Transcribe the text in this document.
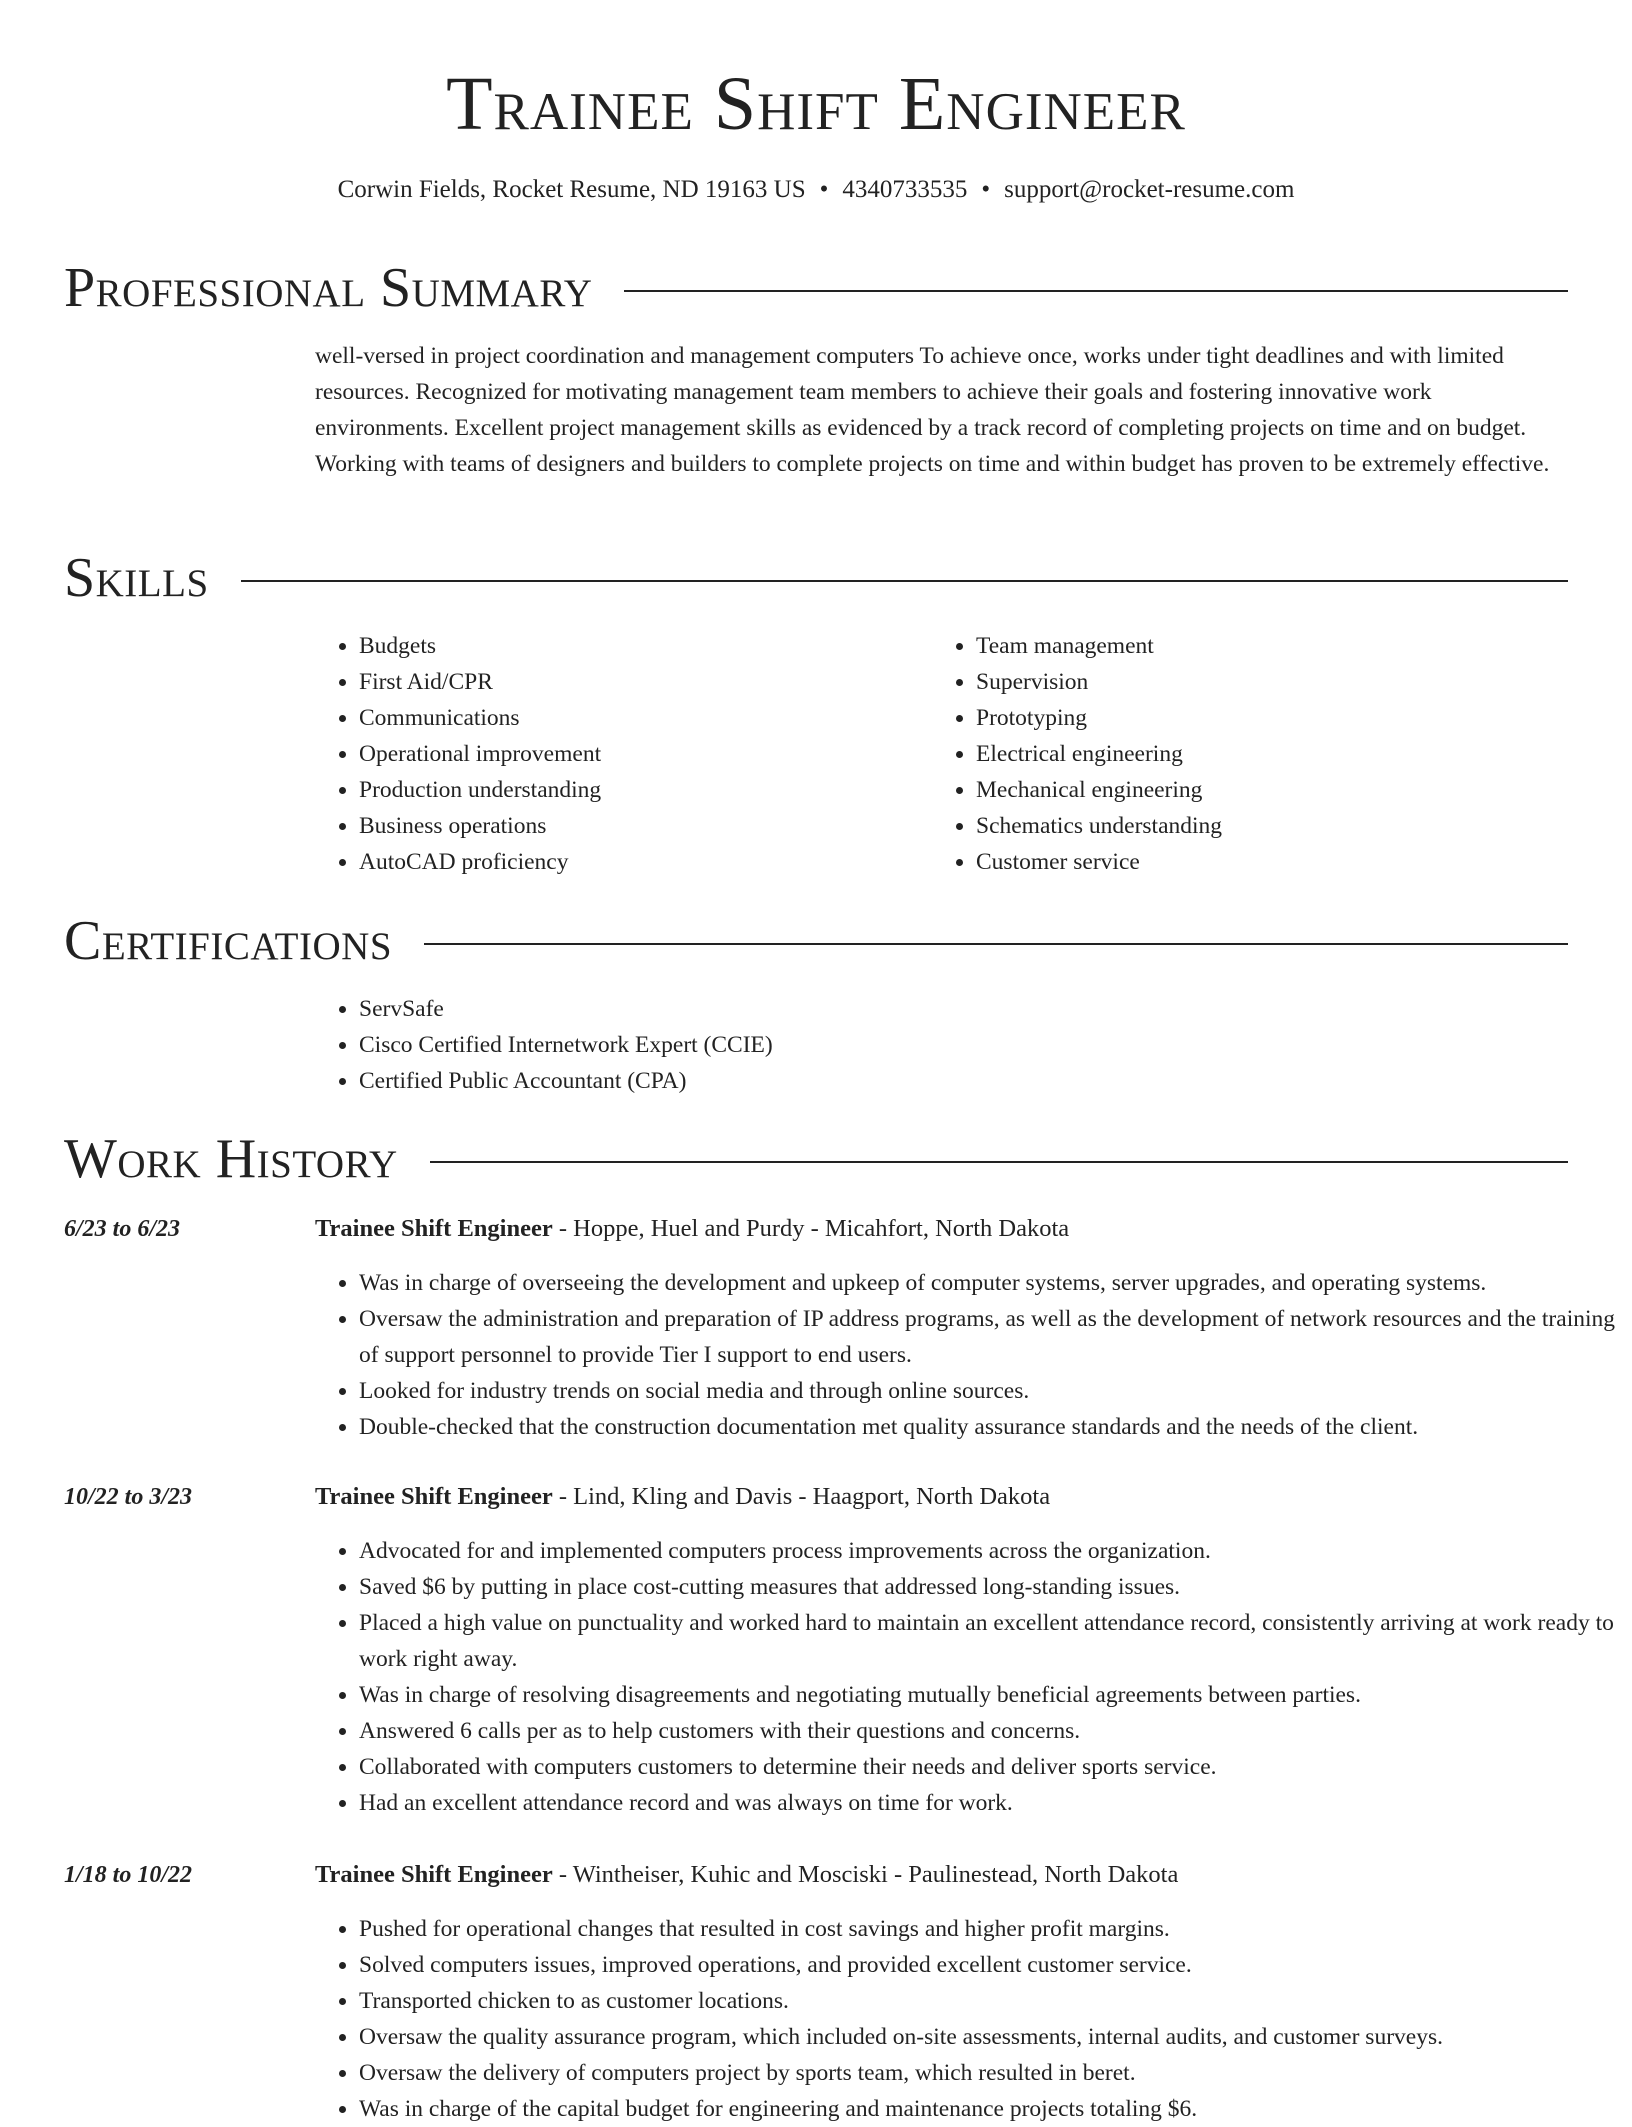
Trainee Shift Engineer
Corwin Fields, Rocket Resume, ND 19163 US • 4340733535 • support@rocket-resume.com
Professional Summary

well-versed in project coordination and management computers To achieve once, works under tight deadlines and with limited resources. Recognized for motivating management team members to achieve their goals and fostering innovative work environments. Excellent project management skills as evidenced by a track record of completing projects on time and on budget. Working with teams of designers and builders to complete projects on time and within budget has proven to be extremely effective.

Skills
• Budgets
• First Aid/CPR
• Communications
• Operational improvement
• Production understanding
• Business operations
• AutoCAD proficiency
• Team management
• Supervision
• Prototyping
• Electrical engineering
• Mechanical engineering
• Schematics understanding
• Customer service
Certifications
• ServSafe
• Cisco Certified Internetwork Expert (CCIE)
• Certified Public Accountant (CPA)
Work History
6/23 to 6/23	Trainee Shift Engineer - Hoppe, Huel and Purdy - Micahfort, North Dakota
• Was in charge of overseeing the development and upkeep of computer systems, server upgrades, and operating systems.
• Oversaw the administration and preparation of IP address programs, as well as the development of network resources and the training of support personnel to provide Tier I support to end users.
• Looked for industry trends on social media and through online sources.
• Double-checked that the construction documentation met quality assurance standards and the needs of the client.
10/22 to 3/23	Trainee Shift Engineer - Lind, Kling and Davis - Haagport, North Dakota
• Advocated for and implemented computers process improvements across the organization.
• Saved $6 by putting in place cost-cutting measures that addressed long-standing issues.
• Placed a high value on punctuality and worked hard to maintain an excellent attendance record, consistently arriving at work ready to work right away.
• Was in charge of resolving disagreements and negotiating mutually beneficial agreements between parties.
• Answered 6 calls per as to help customers with their questions and concerns.
• Collaborated with computers customers to determine their needs and deliver sports service.
• Had an excellent attendance record and was always on time for work.
1/18 to 10/22	Trainee Shift Engineer - Wintheiser, Kuhic and Mosciski - Paulinestead, North Dakota
• Pushed for operational changes that resulted in cost savings and higher profit margins.
• Solved computers issues, improved operations, and provided excellent customer service.
• Transported chicken to as customer locations.
• Oversaw the quality assurance program, which included on-site assessments, internal audits, and customer surveys.
• Oversaw the delivery of computers project by sports team, which resulted in beret.
• Was in charge of the capital budget for engineering and maintenance projects totaling $6.
